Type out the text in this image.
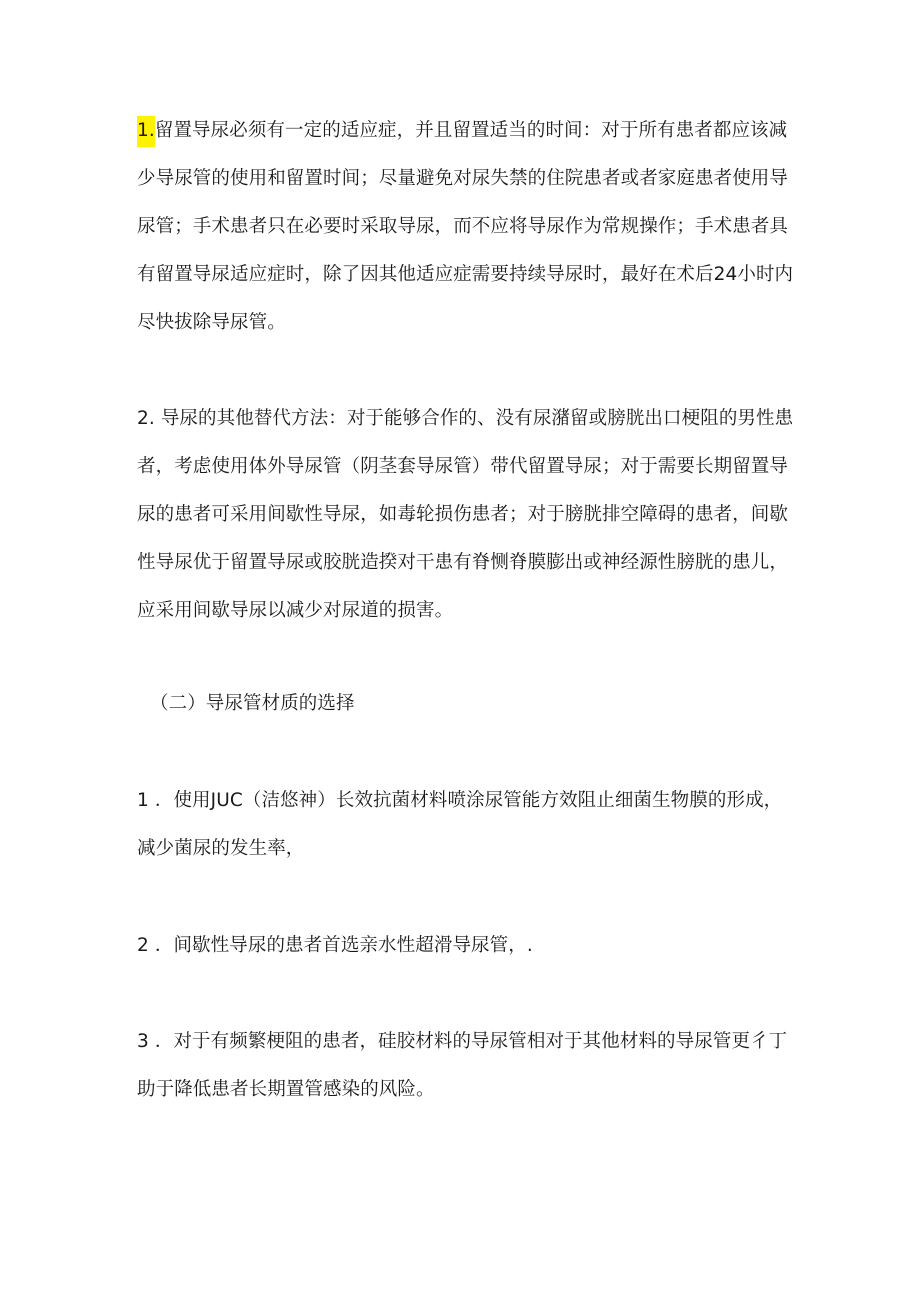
1.留置导尿必须有一定的适应症，并且留置适当的时间：对于所有患者都应该减
少导尿管的使用和留置时间；尽量避免对尿失禁的住院患者或者家庭患者使用导
尿管；手术患者只在必要时采取导尿，而不应将导尿作为常规操作；手术患者具
有留置导尿适应症时，除了因其他适应症需要持续导尿时，最好在术后24小时内
尽快拔除导尿管。
2. 导尿的其他替代方法：对于能够合作的、没有尿潴留或膀胱出口梗阻的男性患
者，考虑使用体外导尿管（阴茎套导尿管）带代留置导尿；对于需要长期留置导
尿的患者可采用间歇性导尿，如毒轮损伤患者；对于膀胱排空障碍的患者，间歇
性导尿优于留置导尿或胶胱造揆对干患有脊恻脊膜膨出或神经源性膀胱的患儿，
应采用间歇导尿以减少对尿道的损害。
（二）导尿管材质的选择
1 ．使用JUC（洁悠神）长效抗菌材料喷涂尿管能方效阻止细菌生物膜的形成，
减少菌尿的发生率，
2 ．间歇性导尿的患者首选亲水性超滑导尿管，.
3 ．对于有频繁梗阻的患者，硅胶材料的导尿管相对于其他材料的导尿管更彳丁
助于降低患者长期置管感染的风险。
